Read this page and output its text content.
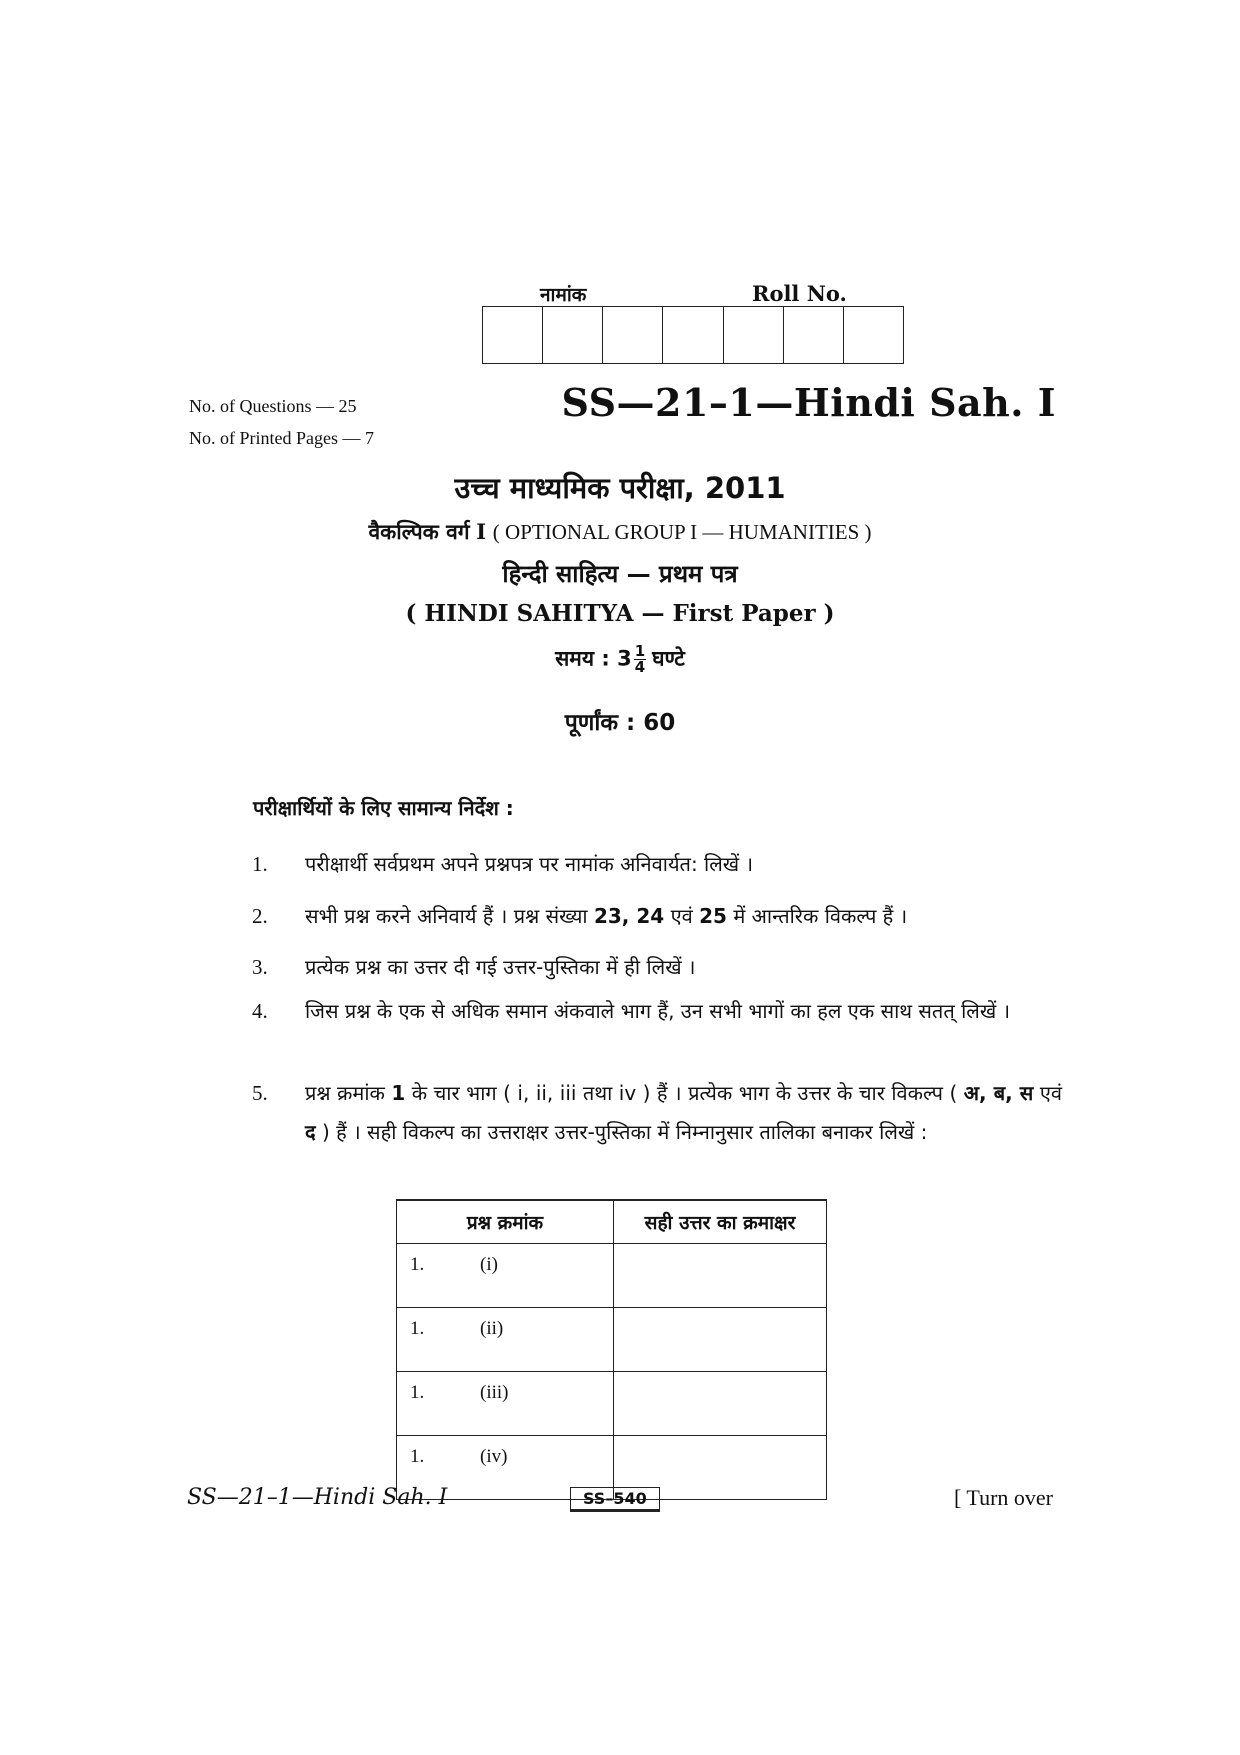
नामांक	Roll No.
No. of Questions — 25
No. of Printed Pages — 7
SS—21–1—Hindi Sah. I
उच्च माध्यमिक परीक्षा, 2011
वैकल्पिक वर्ग I ( OPTIONAL GROUP I — HUMANITIES )
हिन्दी साहित्य — प्रथम पत्र
( HINDI SAHITYA — First Paper )
समय : $3 \frac{1}{4}$ घण्टे
पूर्णांक : 60
परीक्षार्थियों के लिए सामान्य निर्देश :
1. परीक्षार्थी सर्वप्रथम अपने प्रश्नपत्र पर नामांक अनिवार्यत: लिखें ।
2. सभी प्रश्न करने अनिवार्य हैं । प्रश्न संख्या 23, 24 एवं 25 में आन्तरिक विकल्प हैं ।
3. प्रत्येक प्रश्न का उत्तर दी गई उत्तर-पुस्तिका में ही लिखें ।
4. जिस प्रश्न के एक से अधिक समान अंकवाले भाग हैं, उन सभी भागों का हल एक साथ सतत् लिखें ।
5. प्रश्न क्रमांक 1 के चार भाग ( i, ii, iii तथा iv ) हैं । प्रत्येक भाग के उत्तर के चार विकल्प ( अ, ब, स एवं द ) हैं । सही विकल्प का उत्तराक्षर उत्तर-पुस्तिका में निम्नानुसार तालिका बनाकर लिखें :
प्रश्न क्रमांक	सही उत्तर का क्रमाक्षर
1. (i)	
1. (ii)	
1. (iii)	
1. (iv)	
SS—21–1—Hindi Sah. I	SS–540	[ Turn over
